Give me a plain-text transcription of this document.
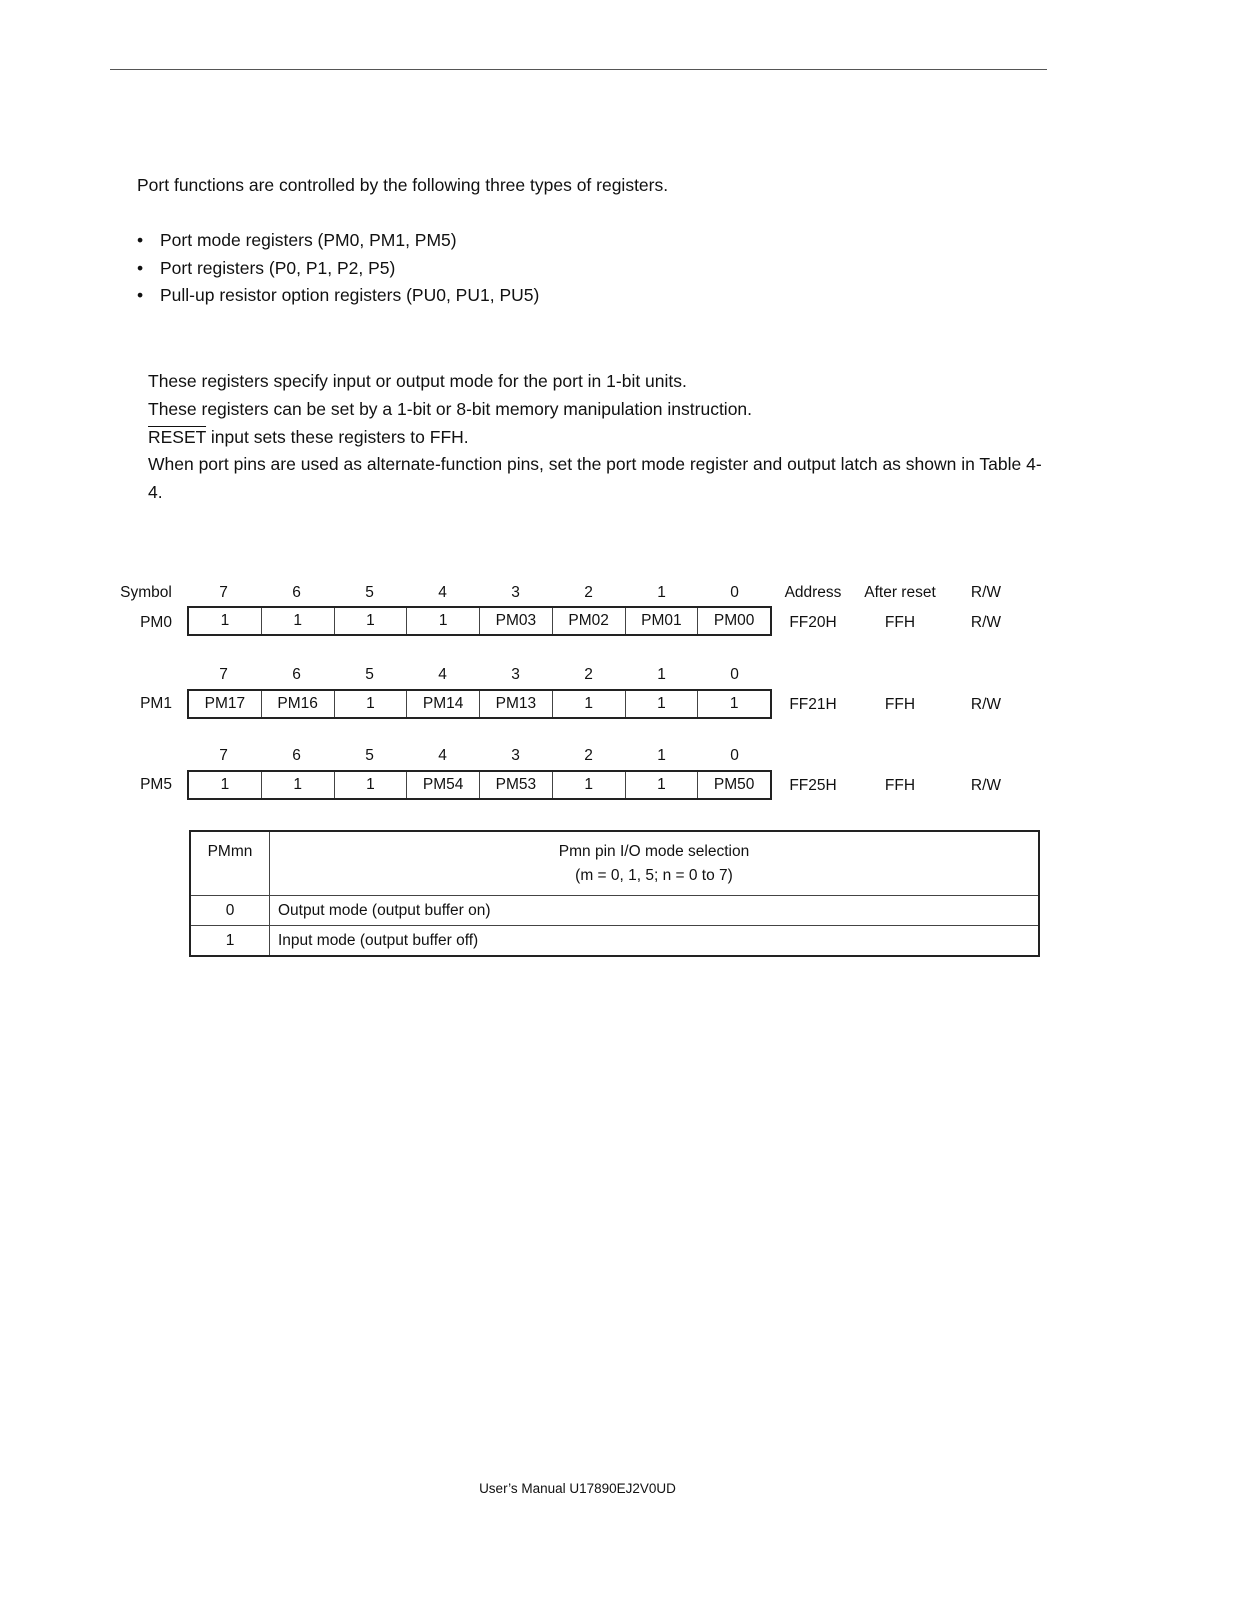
Port functions are controlled by the following three types of registers.

• Port mode registers (PM0, PM1, PM5)
• Port registers (P0, P1, P2, P5)
• Pull-up resistor option registers (PU0, PU1, PU5)

These registers specify input or output mode for the port in 1-bit units.

These registers can be set by a 1-bit or 8-bit memory manipulation instruction.

RESET input sets these registers to FFH.

When port pins are used as alternate-function pins, set the port mode register and output latch as shown in Table 4-4.

Symbol	7	6	5	4	3	2	1	0	Address	After reset	R/W
PM0	1	1	1	1	PM03	PM02	PM01	PM00	FF20H	FFH	R/W
7	6	5	4	3	2	1	0
PM1	PM17	PM16	1	PM14	PM13	1	1	1	FF21H	FFH	R/W
7	6	5	4	3	2	1	0
PM5	1	1	1	PM54	PM53	1	1	PM50	FF25H	FFH	R/W
PMmn	Pmn pin I/O mode selection
(m = 0, 1, 5; n = 0 to 7)

0	Output mode (output buffer on)
1	Input mode (output buffer off)
User’s Manual U17890EJ2V0UD
